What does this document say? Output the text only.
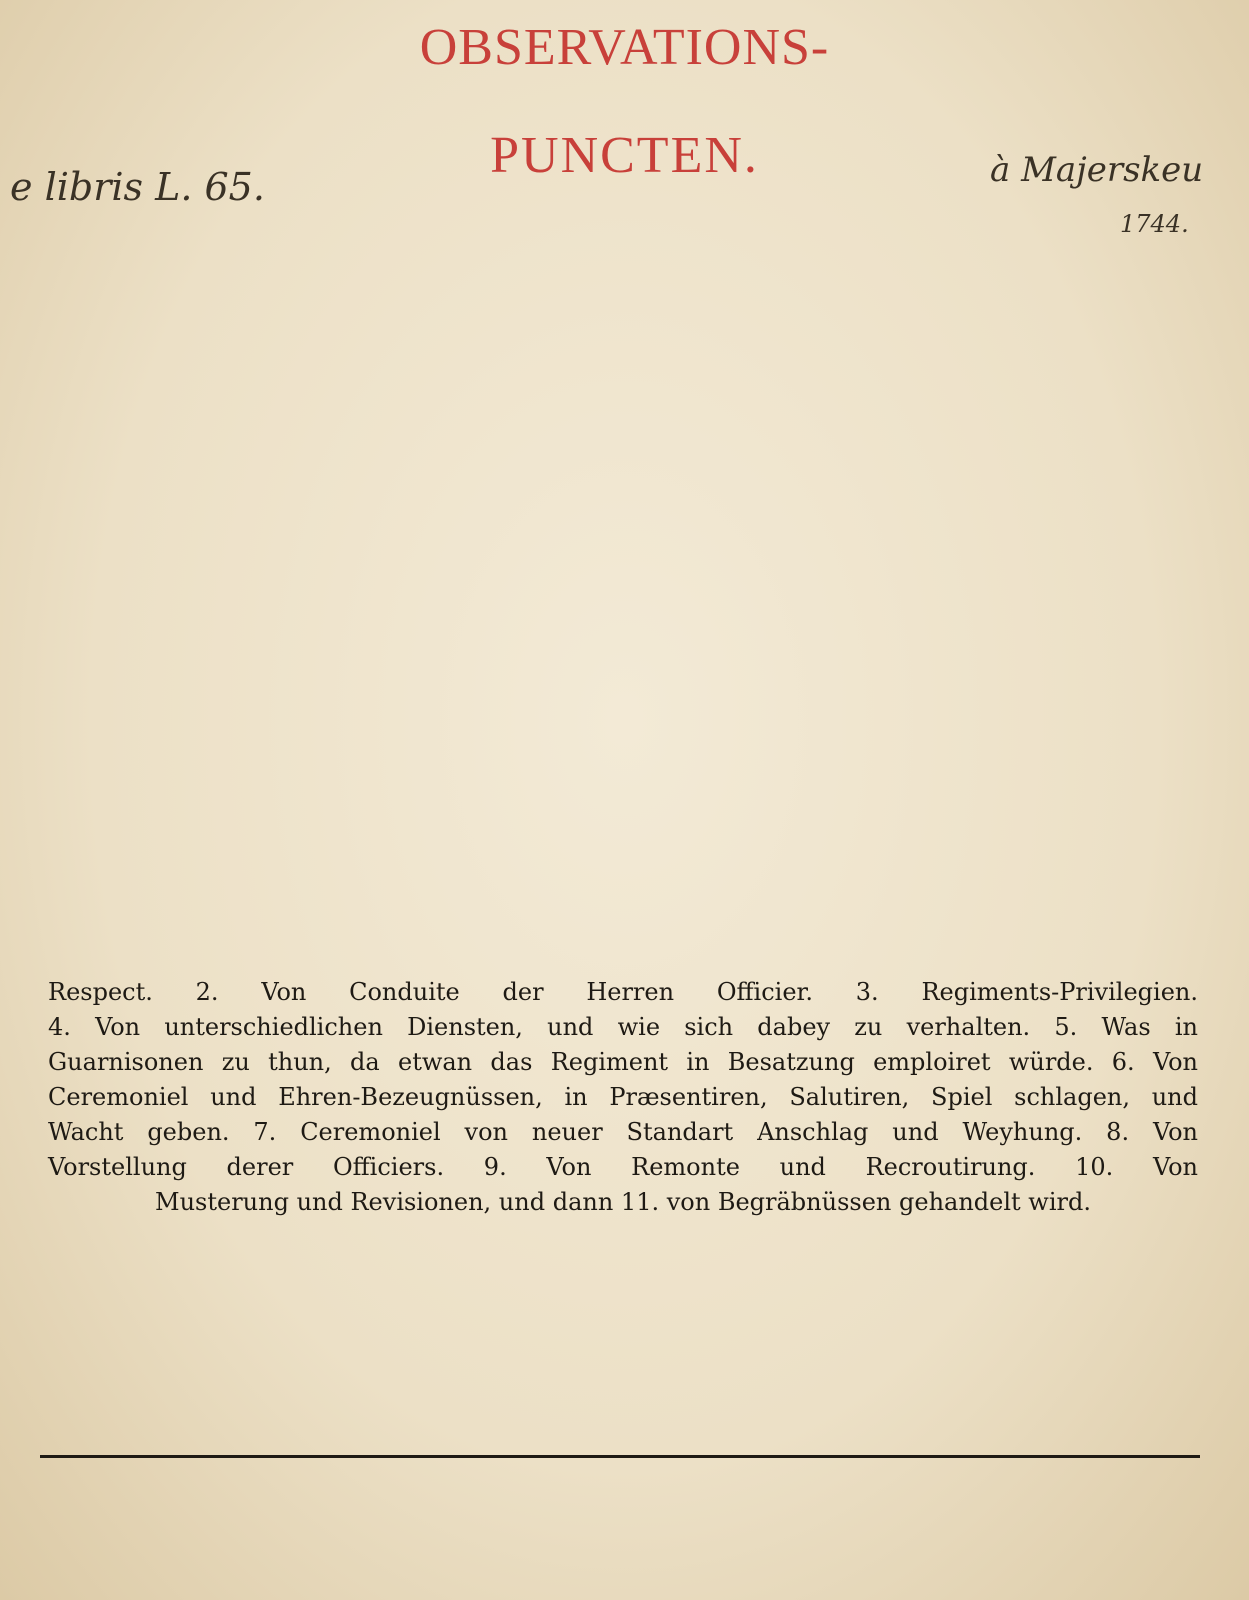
OBSERVATIONS-
PUNCTEN.
e libris L. 65.	à Majerskeu
1744.
Respect. 2. Von Conduite der Herren Officier. 3. Regiments-Privilegien.
4. Von unterschiedlichen Diensten, und wie sich dabey zu verhalten. 5. Was in
Guarnisonen zu thun, da etwan das Regiment in Besatzung emploiret würde. 6. Von
Ceremoniel und Ehren-Bezeugnüssen, in Præsentiren, Salutiren, Spiel schlagen, und
Wacht geben. 7. Ceremoniel von neuer Standart Anschlag und Weyhung. 8. Von
Vorstellung derer Officiers. 9. Von Remonte und Recroutirung. 10. Von
Musterung und Revisionen, und dann 11. von Begräbnüssen gehandelt wird.
